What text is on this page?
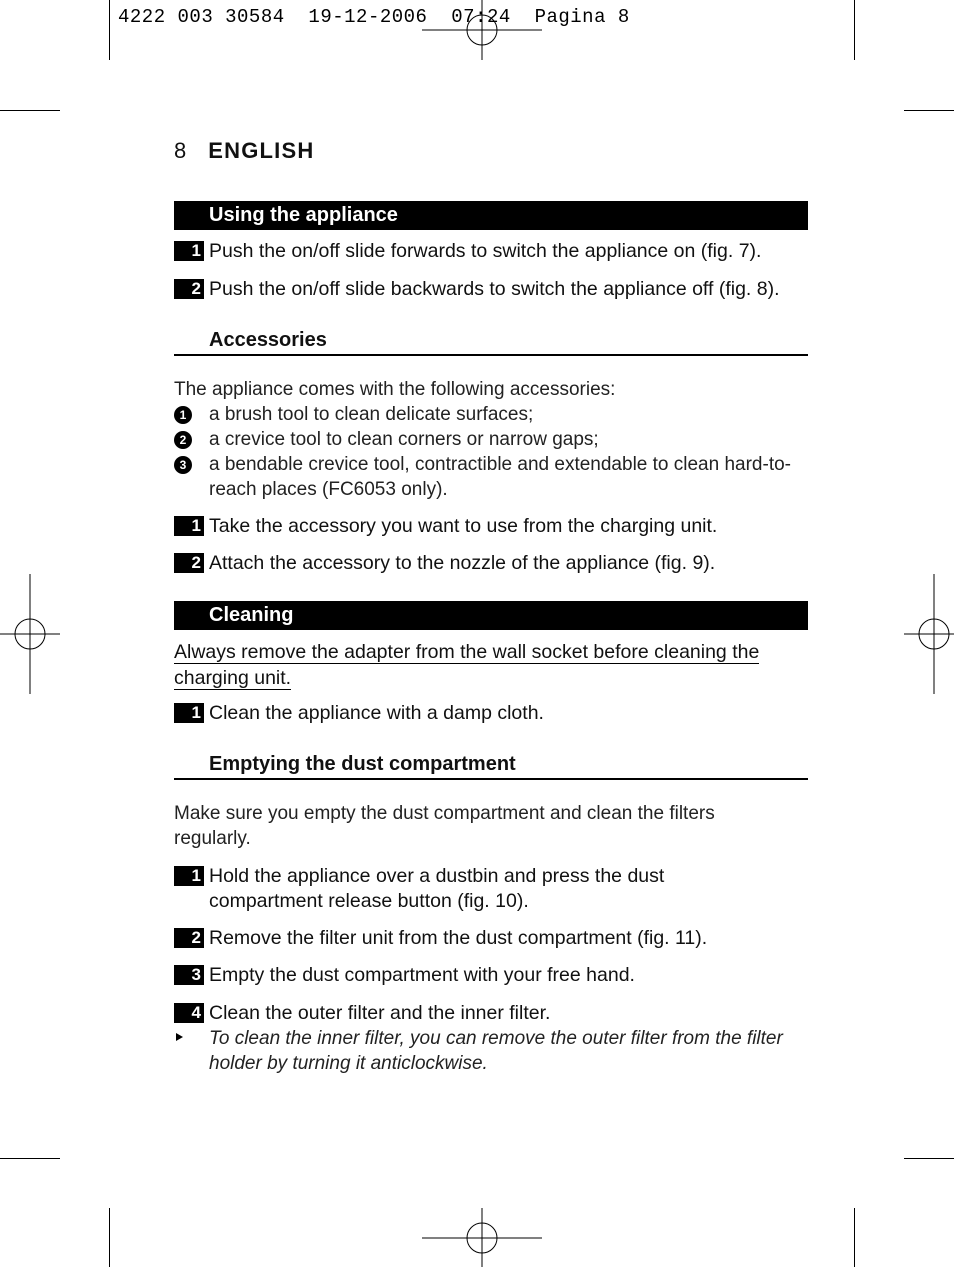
4222 003 30584  19-12-2006  07:24  Pagina 8
8 ENGLISH
Using the appliance
1 Push the on/off slide forwards to switch the appliance on (fig. 7).
2 Push the on/off slide backwards to switch the appliance off (fig. 8).
Accessories
The appliance comes with the following accessories:
1 a brush tool to clean delicate surfaces;
2 a crevice tool to clean corners or narrow gaps;
3 a bendable crevice tool, contractible and extendable to clean hard-to-reach places (FC6053 only).
1 Take the accessory you want to use from the charging unit.
2 Attach the accessory to the nozzle of the appliance (fig. 9).
Cleaning
Always remove the adapter from the wall socket before cleaning the charging unit.
1 Clean the appliance with a damp cloth.
Emptying the dust compartment
Make sure you empty the dust compartment and clean the filters regularly.
1 Hold the appliance over a dustbin and press the dust compartment release button (fig. 10).
2 Remove the filter unit from the dust compartment (fig. 11).
3 Empty the dust compartment with your free hand.
4 Clean the outer filter and the inner filter.
To clean the inner filter, you can remove the outer filter from the filter holder by turning it anticlockwise.
